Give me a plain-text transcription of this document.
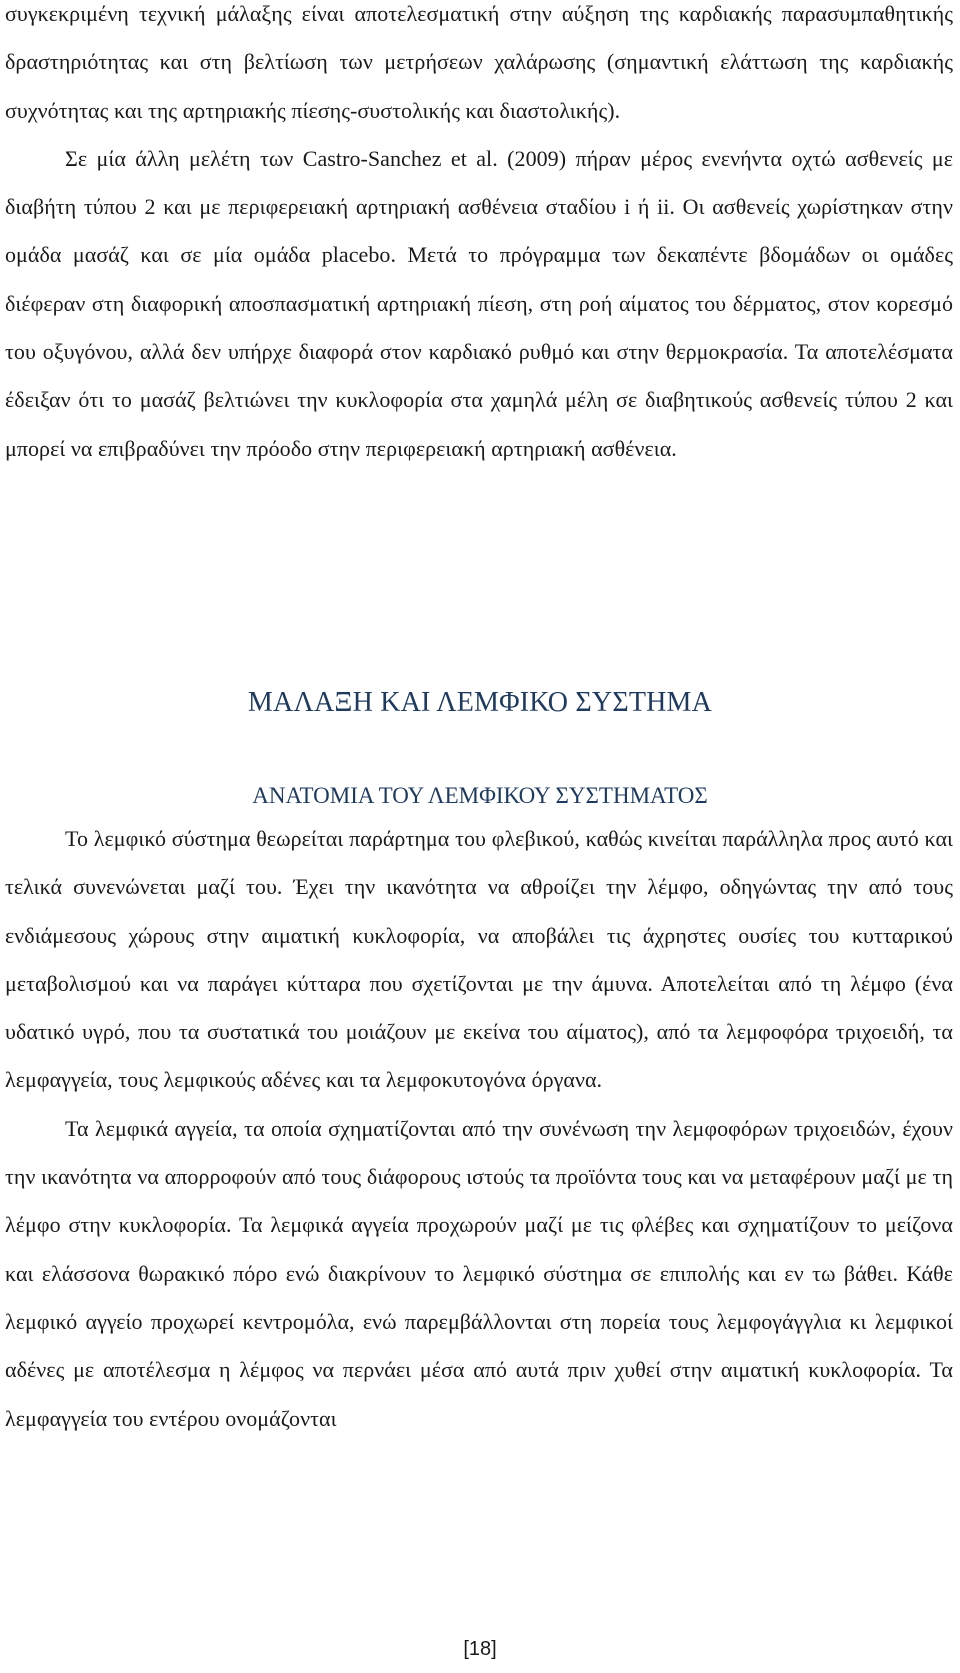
συγκεκριμένη τεχνική μάλαξης είναι αποτελεσματική στην αύξηση της καρδιακής παρασυμπαθητικής δραστηριότητας και στη βελτίωση των μετρήσεων χαλάρωσης (σημαντική ελάττωση της καρδιακής συχνότητας και της αρτηριακής πίεσης-συστολικής και διαστολικής).

Σε μία άλλη μελέτη των Castro-Sanchez et al. (2009) πήραν μέρος ενενήντα οχτώ ασθενείς με διαβήτη τύπου 2 και με περιφερειακή αρτηριακή ασθένεια σταδίου i ή ii. Οι ασθενείς χωρίστηκαν στην ομάδα μασάζ και σε μία ομάδα placebo. Μετά το πρόγραμμα των δεκαπέντε βδομάδων οι ομάδες διέφεραν στη διαφορική αποσπασματική αρτηριακή πίεση, στη ροή αίματος του δέρματος, στον κορεσμό του οξυγόνου, αλλά δεν υπήρχε διαφορά στον καρδιακό ρυθμό και στην θερμοκρασία. Τα αποτελέσματα έδειξαν ότι το μασάζ βελτιώνει την κυκλοφορία στα χαμηλά μέλη σε διαβητικούς ασθενείς τύπου 2 και μπορεί να επιβραδύνει την πρόοδο στην περιφερειακή αρτηριακή ασθένεια.

ΜΑΛΑΞΗ ΚΑΙ ΛΕΜΦΙΚΟ ΣΥΣΤΗΜΑ
ΑΝΑΤΟΜΙΑ ΤΟΥ ΛΕΜΦΙΚΟΥ ΣΥΣΤΗΜΑΤΟΣ

Το λεμφικό σύστημα θεωρείται παράρτημα του φλεβικού, καθώς κινείται παράλληλα προς αυτό και τελικά συνενώνεται μαζί του. Έχει την ικανότητα να αθροίζει την λέμφο, οδηγώντας την από τους ενδιάμεσους χώρους στην αιματική κυκλοφορία, να αποβάλει τις άχρηστες ουσίες του κυτταρικού μεταβολισμού και να παράγει κύτταρα που σχετίζονται με την άμυνα. Αποτελείται από τη λέμφο (ένα υδατικό υγρό, που τα συστατικά του μοιάζουν με εκείνα του αίματος), από τα λεμφοφόρα τριχοειδή, τα λεμφαγγεία, τους λεμφικούς αδένες και τα λεμφοκυτογόνα όργανα.

Τα λεμφικά αγγεία, τα οποία σχηματίζονται από την συνένωση την λεμφοφόρων τριχοειδών, έχουν την ικανότητα να απορροφούν από τους διάφορους ιστούς τα προϊόντα τους και να μεταφέρουν μαζί με τη λέμφο στην κυκλοφορία. Τα λεμφικά αγγεία προχωρούν μαζί με τις φλέβες και σχηματίζουν το μείζονα και ελάσσονα θωρακικό πόρο ενώ διακρίνουν το λεμφικό σύστημα σε επιπολής και εν τω βάθει. Κάθε λεμφικό αγγείο προχωρεί κεντρομόλα, ενώ παρεμβάλλονται στη πορεία τους λεμφογάγγλια κι λεμφικοί αδένες με αποτέλεσμα η λέμφος να περνάει μέσα από αυτά πριν χυθεί στην αιματική κυκλοφορία. Τα λεμφαγγεία του εντέρου ονομάζονται

[18]
